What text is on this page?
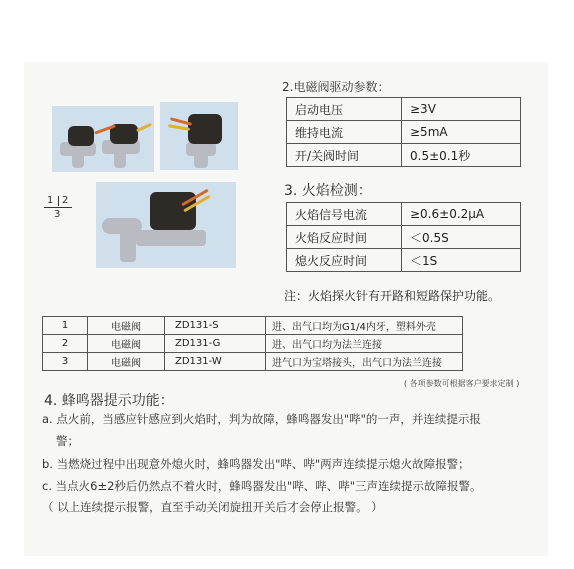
1 2
3
2.电磁阀驱动参数：
启动电压	≥3V
维持电流	≥5mA
开/关阀时间	0.5±0.1秒
3. 火焰检测：
火焰信号电流	≥0.6±0.2μA
火焰反应时间	＜0.5S
熄火反应时间	＜1S
注：火焰探火针有开路和短路保护功能。
1	电磁阀	ZD131-S	进、出气口均为G1/4内牙，塑料外壳
2	电磁阀	ZD131-G	进、出气口均为法兰连接
3	电磁阀	ZD131-W	进气口为宝塔接头，出气口为法兰连接
( 各项参数可根据客户要求定制 )
4. 蜂鸣器提示功能：
a. 点火前，当感应针感应到火焰时，判为故障，蜂鸣器发出"哔"的一声，并连续提示报
警；
b. 当燃烧过程中出现意外熄火时，蜂鸣器发出"哔、哔"两声连续提示熄火故障报警；
c. 当点火6±2秒后仍然点不着火时，蜂鸣器发出"哔、哔、哔"三声连续提示故障报警。
（ 以上连续提示报警，直至手动关闭旋扭开关后才会停止报警。 ）
